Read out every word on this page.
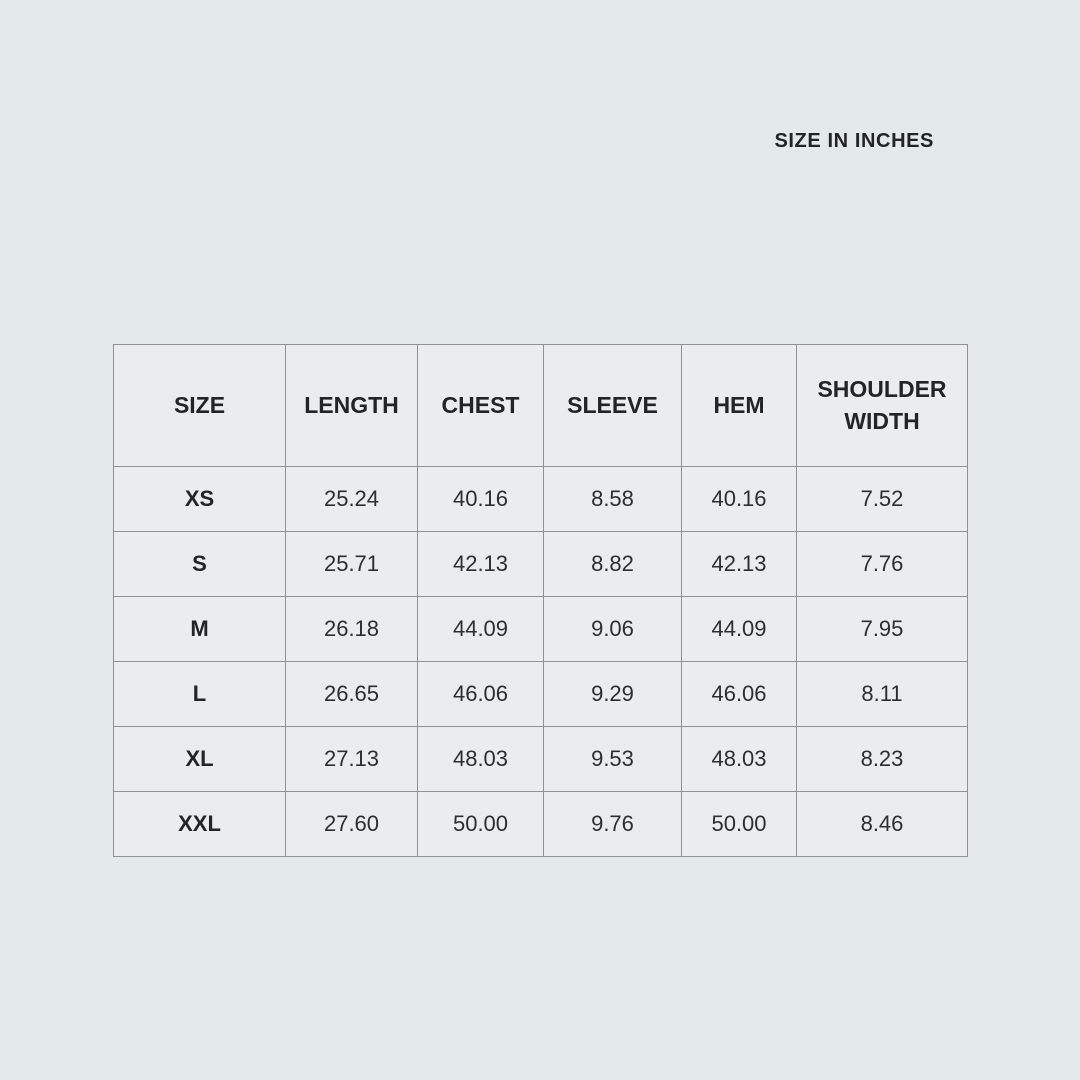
SIZE IN INCHES
SIZE	LENGTH	CHEST	SLEEVE	HEM	SHOULDER WIDTH
XS	25.24	40.16	8.58	40.16	7.52
S	25.71	42.13	8.82	42.13	7.76
M	26.18	44.09	9.06	44.09	7.95
L	26.65	46.06	9.29	46.06	8.11
XL	27.13	48.03	9.53	48.03	8.23
XXL	27.60	50.00	9.76	50.00	8.46
